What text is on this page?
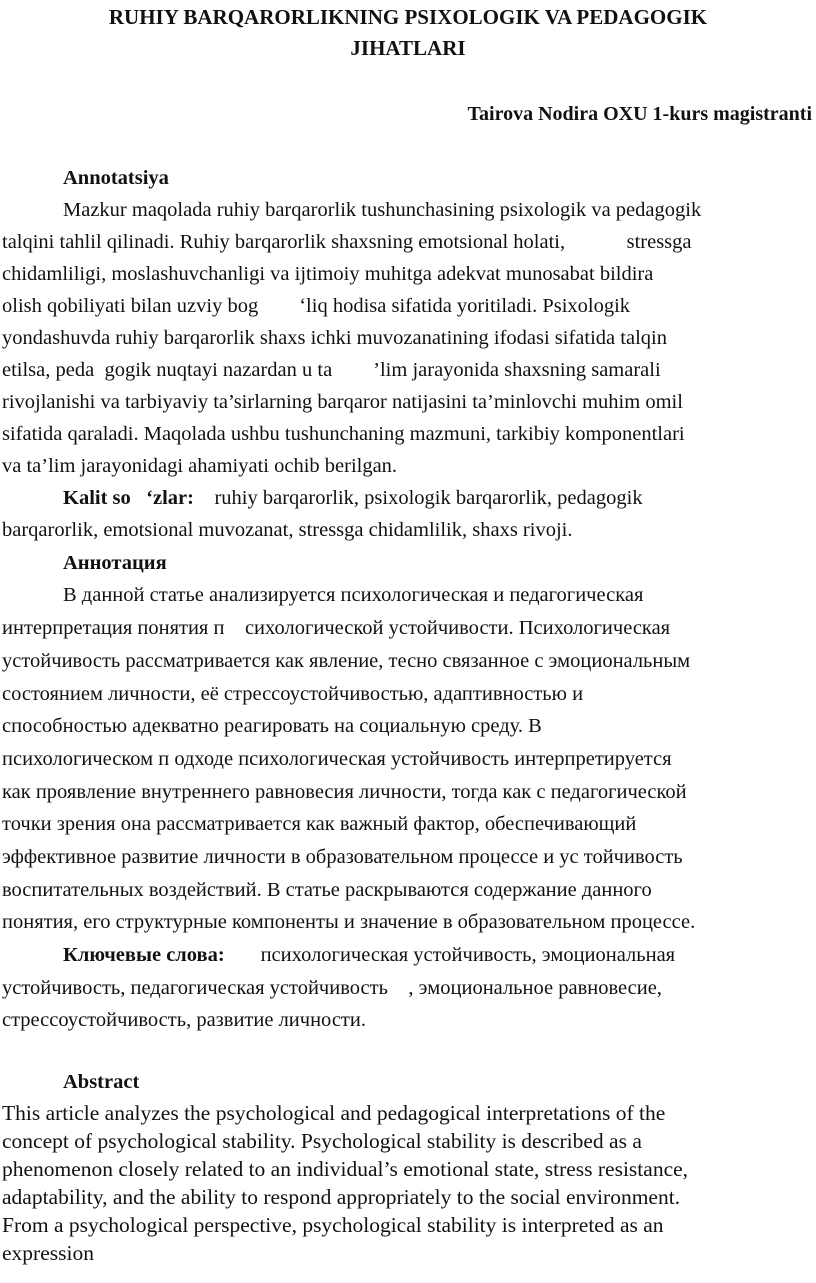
RUHIY BARQARORLIKNING PSIXOLOGIK VA PEDAGOGIK
JIHATLARI
Tairova Nodira OXU 1-kurs magistranti
Annotatsiya
Mazkur maqolada ruhiy barqarorlik tushunchasining psixologik va pedagogik
talqini tahlil qilinadi. Ruhiy barqarorlik shaxsning emotsional holati,            stressga
chidamliligi, moslashuvchanligi va ijtimoiy muhitga adekvat munosabat bildira
olish qobiliyati bilan uzviy bog        ‘liq hodisa sifatida yoritiladi. Psixologik
yondashuvda ruhiy barqarorlik shaxs ichki muvozanatining ifodasi sifatida talqin
etilsa, peda  gogik nuqtayi nazardan u ta        ’lim jarayonida shaxsning samarali
rivojlanishi va tarbiyaviy ta’sirlarning barqaror natijasini ta’minlovchi muhim omil
sifatida qaraladi. Maqolada ushbu tushunchaning mazmuni, tarkibiy komponentlari
va ta’lim jarayonidagi ahamiyati ochib berilgan.
Kalit so   ‘zlar: ruhiy barqarorlik, psixologik barqarorlik, pedagogik
barqarorlik, emotsional muvozanat, stressga chidamlilik, shaxs rivoji.
Аннотация
В данной статье анализируется психологическая и педагогическая
интерпретация понятия п    сихологической устойчивости. Психологическая
устойчивость рассматривается как явление, тесно связанное с эмоциональным
состоянием личности, её стрессоустойчивостью, адаптивностью и
способностью адекватно реагировать на социальную среду. В
психологическом п одходе психологическая устойчивость интерпретируется
как проявление внутреннего равновесия личности, тогда как с педагогической
точки зрения она рассматривается как важный фактор, обеспечивающий
эффективное развитие личности в образовательном процессе и ус тойчивость
воспитательных воздействий. В статье раскрываются содержание данного
понятия, его структурные компоненты и значение в образовательном процессе.
Ключевые слова: психологическая устойчивость, эмоциональная
устойчивость, педагогическая устойчивость    , эмоциональное равновесие,
стрессоустойчивость, развитие личности.
Abstract
This article analyzes the psychological and pedagogical interpretations of the
concept of psychological stability. Psychological stability is described as a
phenomenon closely related to an individual’s emotional state, stress resistance,
adaptability, and the ability to respond appropriately to the social environment.
From a psychological perspective, psychological stability is interpreted as an
expression
